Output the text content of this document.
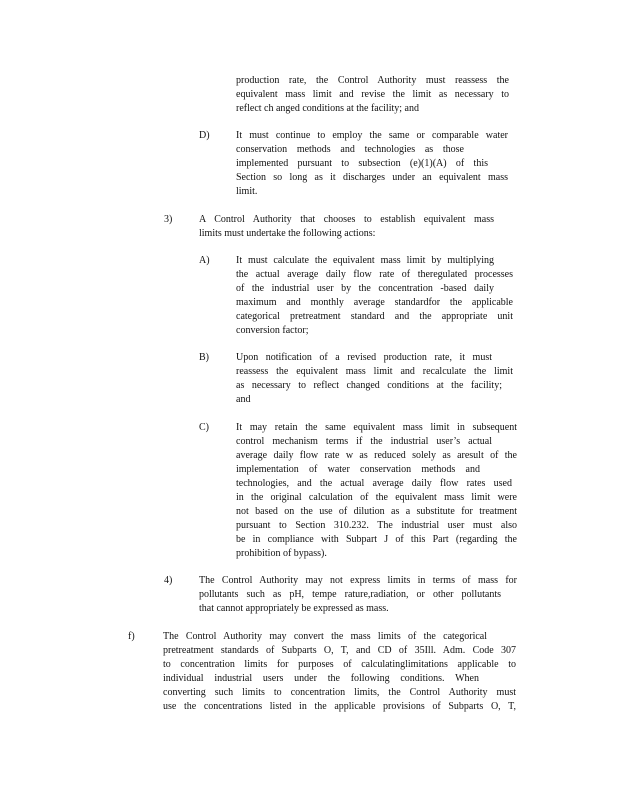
production rate, the Control Authority must reassess the
equivalent mass limit and revise the limit as necessary to
reflect ch anged conditions at the facility; and
D)	It must continue to employ the same or comparable water
conservation methods and technologies as those
implemented pursuant to subsection (e)(1)(A) of this
Section so long as it discharges under an equivalent mass
limit.
3)	A Control Authority that chooses to establish equivalent mass
limits must undertake the following actions:
A)	It must calculate the equivalent mass limit by multiplying
the actual average daily flow rate of theregulated processes
of the industrial user by the concentration -based daily
maximum and monthly average standardfor the applicable
categorical pretreatment standard and the appropriate unit
conversion factor;
B)	Upon notification of a revised production rate, it must
reassess the equivalent mass limit and recalculate the limit
as necessary to reflect changed conditions at the facility;
and
C)	It may retain the same equivalent mass limit in subsequent
control mechanism terms if the industrial user’s actual
average daily flow rate w as reduced solely as aresult of the
implementation of water conservation methods and
technologies, and the actual average daily flow rates used
in the original calculation of the equivalent mass limit were
not based on the use of dilution as a substitute for treatment
pursuant to Section 310.232. The industrial user must also
be in compliance with Subpart J of this Part (regarding the
prohibition of bypass).
4)	The Control Authority may not express limits in terms of mass for
pollutants such as pH, tempe rature,radiation, or other pollutants
that cannot appropriately be expressed as mass.
f)	The Control Authority may convert the mass limits of the categorical
pretreatment standards of Subparts O, T, and CD of 35Ill. Adm. Code 307
to concentration limits for purposes of calculatinglimitations applicable to
individual industrial users under the following conditions. When
converting such limits to concentration limits, the Control Authority must
use the concentrations listed in the applicable provisions of Subparts O, T,
